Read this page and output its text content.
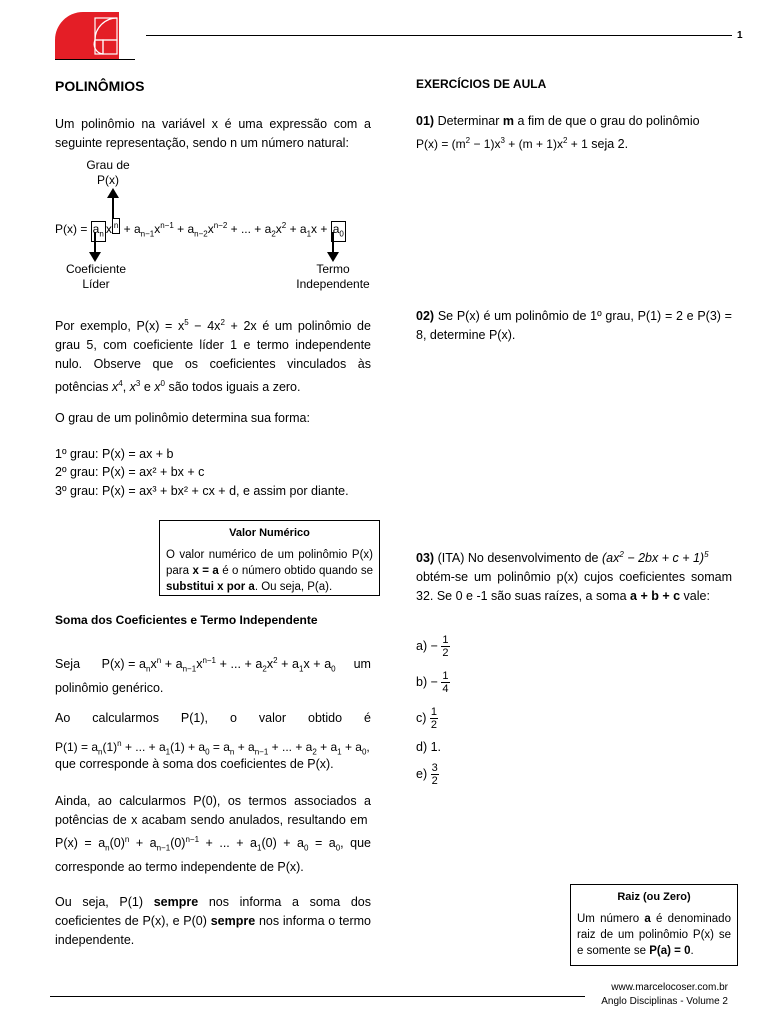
1
POLINÔMIOS

Um polinômio na variável x é uma expressão com a seguinte representação, sendo n um número natural:

Grau de
P(x)
$P(x) = a_n$ x $^n + a_{n-1}x^{n-1} + a_{n-2}x^{n-2}$ + ... + $a_2x^2 + a_1x + a_0$
Coeficiente
Líder
Termo
Independente

Por exemplo, $P(x) = x^5 - 4x^2 + 2x$ é um polinômio de grau 5, com coeficiente líder 1 e termo independente nulo. Observe que os coeficientes vinculados às potências $x^4$, $x^3$ e $x^0$ são todos iguais a zero.

O grau de um polinômio determina sua forma:

1º grau: P(x) = ax + b

2º grau: P(x) = ax² + bx + c

3º grau: P(x) = ax³ + bx² + cx + d, e assim por diante.

Valor Numérico
O valor numérico de um polinômio P(x) para x = a é o número obtido quando se substitui x por a. Ou seja, P(a).
Soma dos Coeficientes e Termo Independente

Seja $P(x) = a_nx^n + a_{n-1}x^{n-1}$ + ... + $a_2x^2 + a_1x + a_0$ um polinômio genérico.

Ao calcularmos P(1), o valor obtido é

$P(1) = a_n(1)^n$ + ... + $a_1(1) + a_0 = a_n + a_{n-1}$ + ... + $a_2 + a_1 + a_0$,

que corresponde à soma dos coeficientes de P(x).

Ainda, ao calcularmos P(0), os termos associados a potências de x acabam sendo anulados, resultando em  $P(x) = a_n(0)^n + a_{n-1}(0)^{n-1}$ + ... + $a_1(0) + a_0 = a_0$, que corresponde ao termo independente de P(x).

Ou seja, P(1) sempre nos informa a soma dos coeficientes de P(x), e P(0) sempre nos informa o termo independente.

EXERCÍCIOS DE AULA

01) Determinar m a fim de que o grau do polinômio
$P(x) = (m^2 - 1)x^3 + (m + 1)x^2 + 1$ seja 2.

02) Se P(x) é um polinômio de 1º grau, P(1) = 2 e P(3) = 8, determine P(x).

03) (ITA) No desenvolvimento de $(ax^2 - 2bx + c + 1)^5$
obtém-se um polinômio p(x) cujos coeficientes somam 32. Se 0 e -1 são suas raízes, a soma a + b + c vale:

$a) - \frac{1}{2}$
$b) - \frac{1}{4}$
$c) \frac{1}{2}$
d) 1.
$e) \frac{3}{2}$
Raiz (ou Zero)
Um número a é denominado raiz de um polinômio P(x) se e somente se P(a) = 0.
www.marcelocoser.com.br
Anglo Disciplinas - Volume 2
